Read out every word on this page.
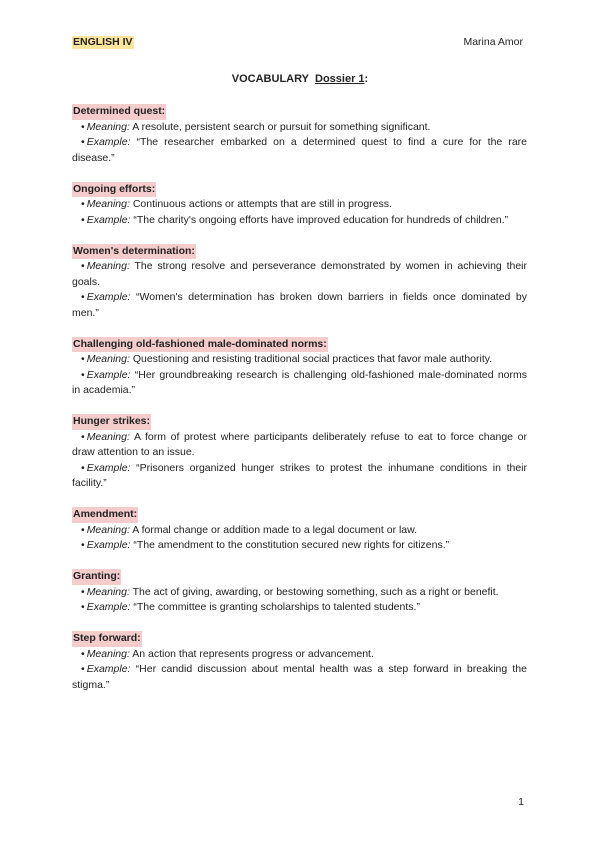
ENGLISH IV	Marina Amor
VOCABULARY Dossier 1:
Determined quest:
• Meaning: A resolute, persistent search or pursuit for something significant.
• Example: “The researcher embarked on a determined quest to find a cure for the rare disease.”
Ongoing efforts:
• Meaning: Continuous actions or attempts that are still in progress.
• Example: “The charity's ongoing efforts have improved education for hundreds of children.”
Women's determination:
• Meaning: The strong resolve and perseverance demonstrated by women in achieving their goals.
• Example: “Women's determination has broken down barriers in fields once dominated by men.”
Challenging old-fashioned male-dominated norms:
• Meaning: Questioning and resisting traditional social practices that favor male authority.
• Example: “Her groundbreaking research is challenging old-fashioned male-dominated norms in academia.”
Hunger strikes:
• Meaning: A form of protest where participants deliberately refuse to eat to force change or draw attention to an issue.
• Example: “Prisoners organized hunger strikes to protest the inhumane conditions in their facility.”
Amendment:
• Meaning: A formal change or addition made to a legal document or law.
• Example: “The amendment to the constitution secured new rights for citizens.”
Granting:
• Meaning: The act of giving, awarding, or bestowing something, such as a right or benefit.
• Example: “The committee is granting scholarships to talented students.”
Step forward:
• Meaning: An action that represents progress or advancement.
• Example: “Her candid discussion about mental health was a step forward in breaking the stigma.”
1
